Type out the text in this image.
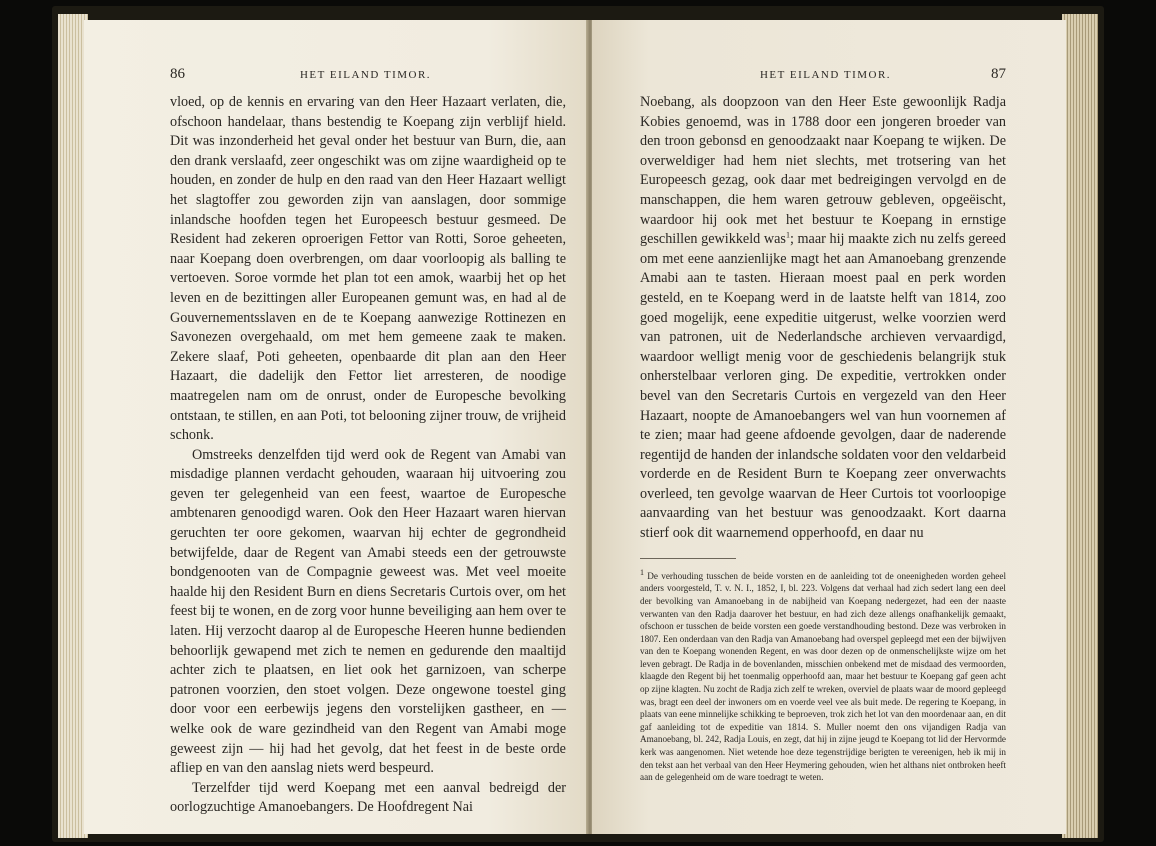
86	HET EILAND TIMOR.

vloed, op de kennis en ervaring van den Heer Hazaart verlaten, die, ofschoon handelaar, thans bestendig te Koepang zijn verblijf hield. Dit was inzonderheid het geval onder het bestuur van Burn, die, aan den drank verslaafd, zeer ongeschikt was om zijne waardigheid op te houden, en zonder de hulp en den raad van den Heer Hazaart welligt het slagtoffer zou geworden zijn van aanslagen, door sommige inlandsche hoofden tegen het Europeesch bestuur gesmeed. De Resident had zekeren oproerigen Fettor van Rotti, Soroe geheeten, naar Koepang doen overbrengen, om daar voorloopig als balling te vertoeven. Soroe vormde het plan tot een amok, waarbij het op het leven en de bezittingen aller Europeanen gemunt was, en had al de Gouvernementsslaven en de te Koepang aanwezige Rottinezen en Savonezen overgehaald, om met hem gemeene zaak te maken. Zekere slaaf, Poti geheeten, openbaarde dit plan aan den Heer Hazaart, die dadelijk den Fettor liet arresteren, de noodige maatregelen nam om de onrust, onder de Europesche bevolking ontstaan, te stillen, en aan Poti, tot belooning zijner trouw, de vrijheid schonk.

Omstreeks denzelfden tijd werd ook de Regent van Amabi van misdadige plannen verdacht gehouden, waaraan hij uitvoering zou geven ter gelegenheid van een feest, waartoe de Europesche ambtenaren genoodigd waren. Ook den Heer Hazaart waren hiervan geruchten ter oore gekomen, waarvan hij echter de gegrondheid betwijfelde, daar de Regent van Amabi steeds een der getrouwste bondgenooten van de Compagnie geweest was. Met veel moeite haalde hij den Resident Burn en diens Secretaris Curtois over, om het feest bij te wonen, en de zorg voor hunne beveiliging aan hem over te laten. Hij verzocht daarop al de Europesche Heeren hunne bedienden behoorlijk gewapend met zich te nemen en gedurende den maaltijd achter zich te plaatsen, en liet ook het garnizoen, van scherpe patronen voorzien, den stoet volgen. Deze ongewone toestel ging door voor een eerbewijs jegens den vorstelijken gastheer, en — welke ook de ware gezindheid van den Regent van Amabi moge geweest zijn — hij had het gevolg, dat het feest in de beste orde afliep en van den aanslag niets werd bespeurd.

Terzelfder tijd werd Koepang met een aanval bedreigd der oorlogzuchtige Amanoebangers. De Hoofdregent Nai

HET EILAND TIMOR.	87

Noebang, als doopzoon van den Heer Este gewoonlijk Radja Kobies genoemd, was in 1788 door een jongeren broeder van den troon gebonsd en genoodzaakt naar Koepang te wijken. De overweldiger had hem niet slechts, met trotsering van het Europeesch gezag, ook daar met bedreigingen vervolgd en de manschappen, die hem waren getrouw gebleven, opgeëischt, waardoor hij ook met het bestuur te Koepang in ernstige geschillen gewikkeld was$^1$; maar hij maakte zich nu zelfs gereed om met eene aanzienlijke magt het aan Amanoebang grenzende Amabi aan te tasten. Hieraan moest paal en perk worden gesteld, en te Koepang werd in de laatste helft van 1814, zoo goed mogelijk, eene expeditie uitgerust, welke voorzien werd van patronen, uit de Nederlandsche archieven vervaardigd, waardoor welligt menig voor de geschiedenis belangrijk stuk onherstelbaar verloren ging. De expeditie, vertrokken onder bevel van den Secretaris Curtois en vergezeld van den Heer Hazaart, noopte de Amanoebangers wel van hun voornemen af te zien; maar had geene afdoende gevolgen, daar de naderende regentijd de handen der inlandsche soldaten voor den veldarbeid vorderde en de Resident Burn te Koepang zeer onverwachts overleed, ten gevolge waarvan de Heer Curtois tot voorloopige aanvaarding van het bestuur was genoodzaakt. Kort daarna stierf ook dit waarnemend opperhoofd, en daar nu

1 De verhouding tusschen de beide vorsten en de aanleiding tot de oneenigheden worden geheel anders voorgesteld, T. v. N. I., 1852, I, bl. 223. Volgens dat verhaal had zich sedert lang een deel der bevolking van Amanoebang in de nabijheid van Koepang nedergezet, had een der naaste verwanten van den Radja daarover het bestuur, en had zich deze allengs onafhankelijk gemaakt, ofschoon er tusschen de beide vorsten een goede verstandhouding bestond. Deze was verbroken in 1807. Een onderdaan van den Radja van Amanoebang had overspel gepleegd met een der bijwijven van den te Koepang wonenden Regent, en was door dezen op de onmenschelijkste wijze om het leven gebragt. De Radja in de bovenlanden, misschien onbekend met de misdaad des vermoorden, klaagde den Regent bij het toenmalig opperhoofd aan, maar het bestuur te Koepang gaf geen acht op zijne klagten. Nu zocht de Radja zich zelf te wreken, overviel de plaats waar de moord gepleegd was, bragt een deel der inwoners om en voerde veel vee als buit mede. De regering te Koepang, in plaats van eene minnelijke schikking te beproeven, trok zich het lot van den moordenaar aan, en dit gaf aanleiding tot de expeditie van 1814. S. Muller noemt den ons vijandigen Radja van Amanoebang, bl. 242, Radja Louis, en zegt, dat hij in zijne jeugd te Koepang tot lid der Hervormde kerk was aangenomen. Niet wetende hoe deze tegenstrijdige berigten te vereenigen, heb ik mij in den tekst aan het verbaal van den Heer Heymering gehouden, wien het althans niet ontbroken heeft aan de gelegenheid om de ware toedragt te weten.
